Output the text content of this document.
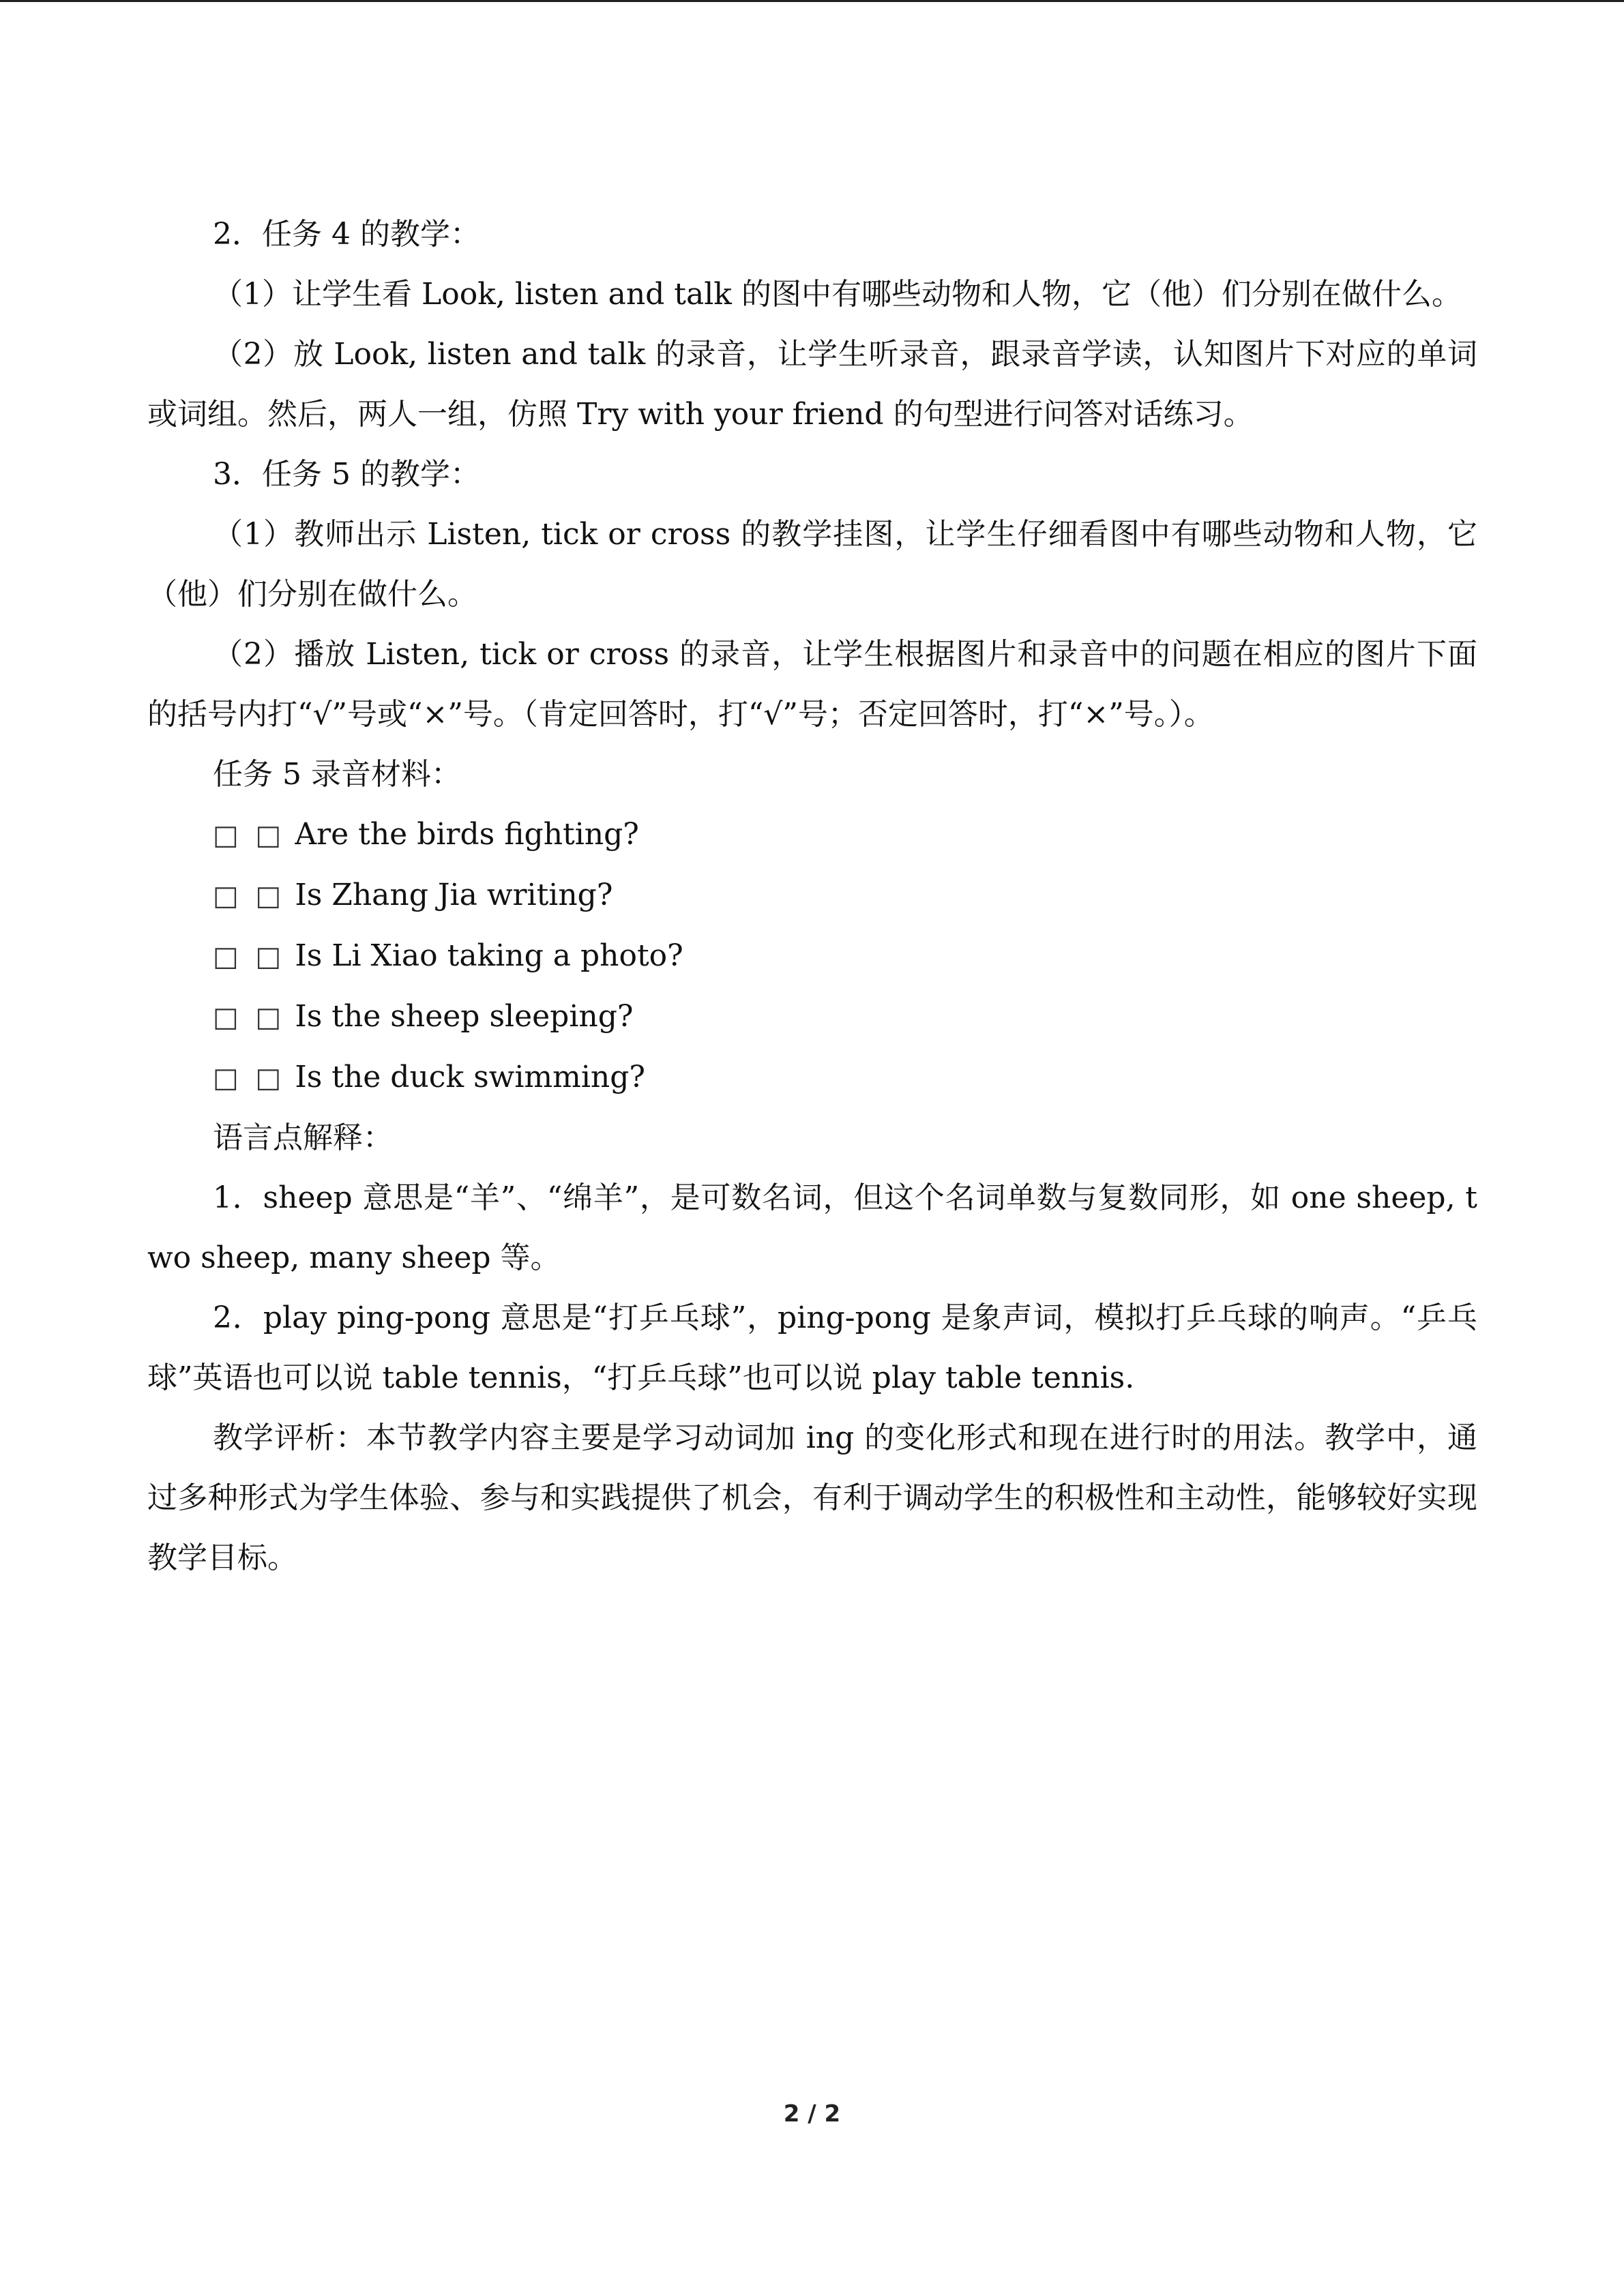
2．任务 4 的教学：

（1）让学生看 Look, listen and talk 的图中有哪些动物和人物，它（他）们分别在做什么。

（2）放 Look, listen and talk 的录音，让学生听录音，跟录音学读，认知图片下对应的单词或词组。然后，两人一组，仿照 Try with your friend 的句型进行问答对话练习。

3．任务 5 的教学：

（1）教师出示 Listen, tick or cross 的教学挂图，让学生仔细看图中有哪些动物和人物，它（他）们分别在做什么。

（2）播放 Listen, tick or cross 的录音，让学生根据图片和录音中的问题在相应的图片下面的括号内打“√”号或“×”号。（肯定回答时，打“√”号；否定回答时，打“×”号。）。

任务 5 录音材料：

□ □ Are the birds fighting?

□ □ Is Zhang Jia writing?

□ □ Is Li Xiao taking a photo?

□ □ Is the sheep sleeping?

□ □ Is the duck swimming?

语言点解释：

1．sheep 意思是“羊”、“绵羊”，是可数名词，但这个名词单数与复数同形，如 one sheep, two sheep, many sheep 等。

2．play ping-pong 意思是“打乒乓球”，ping-pong 是象声词，模拟打乒乓球的响声。“乒乓球”英语也可以说 table tennis，“打乒乓球”也可以说 play table tennis.

教学评析：本节教学内容主要是学习动词加 ing 的变化形式和现在进行时的用法。教学中，通过多种形式为学生体验、参与和实践提供了机会，有利于调动学生的积极性和主动性，能够较好实现教学目标。

2 / 2
